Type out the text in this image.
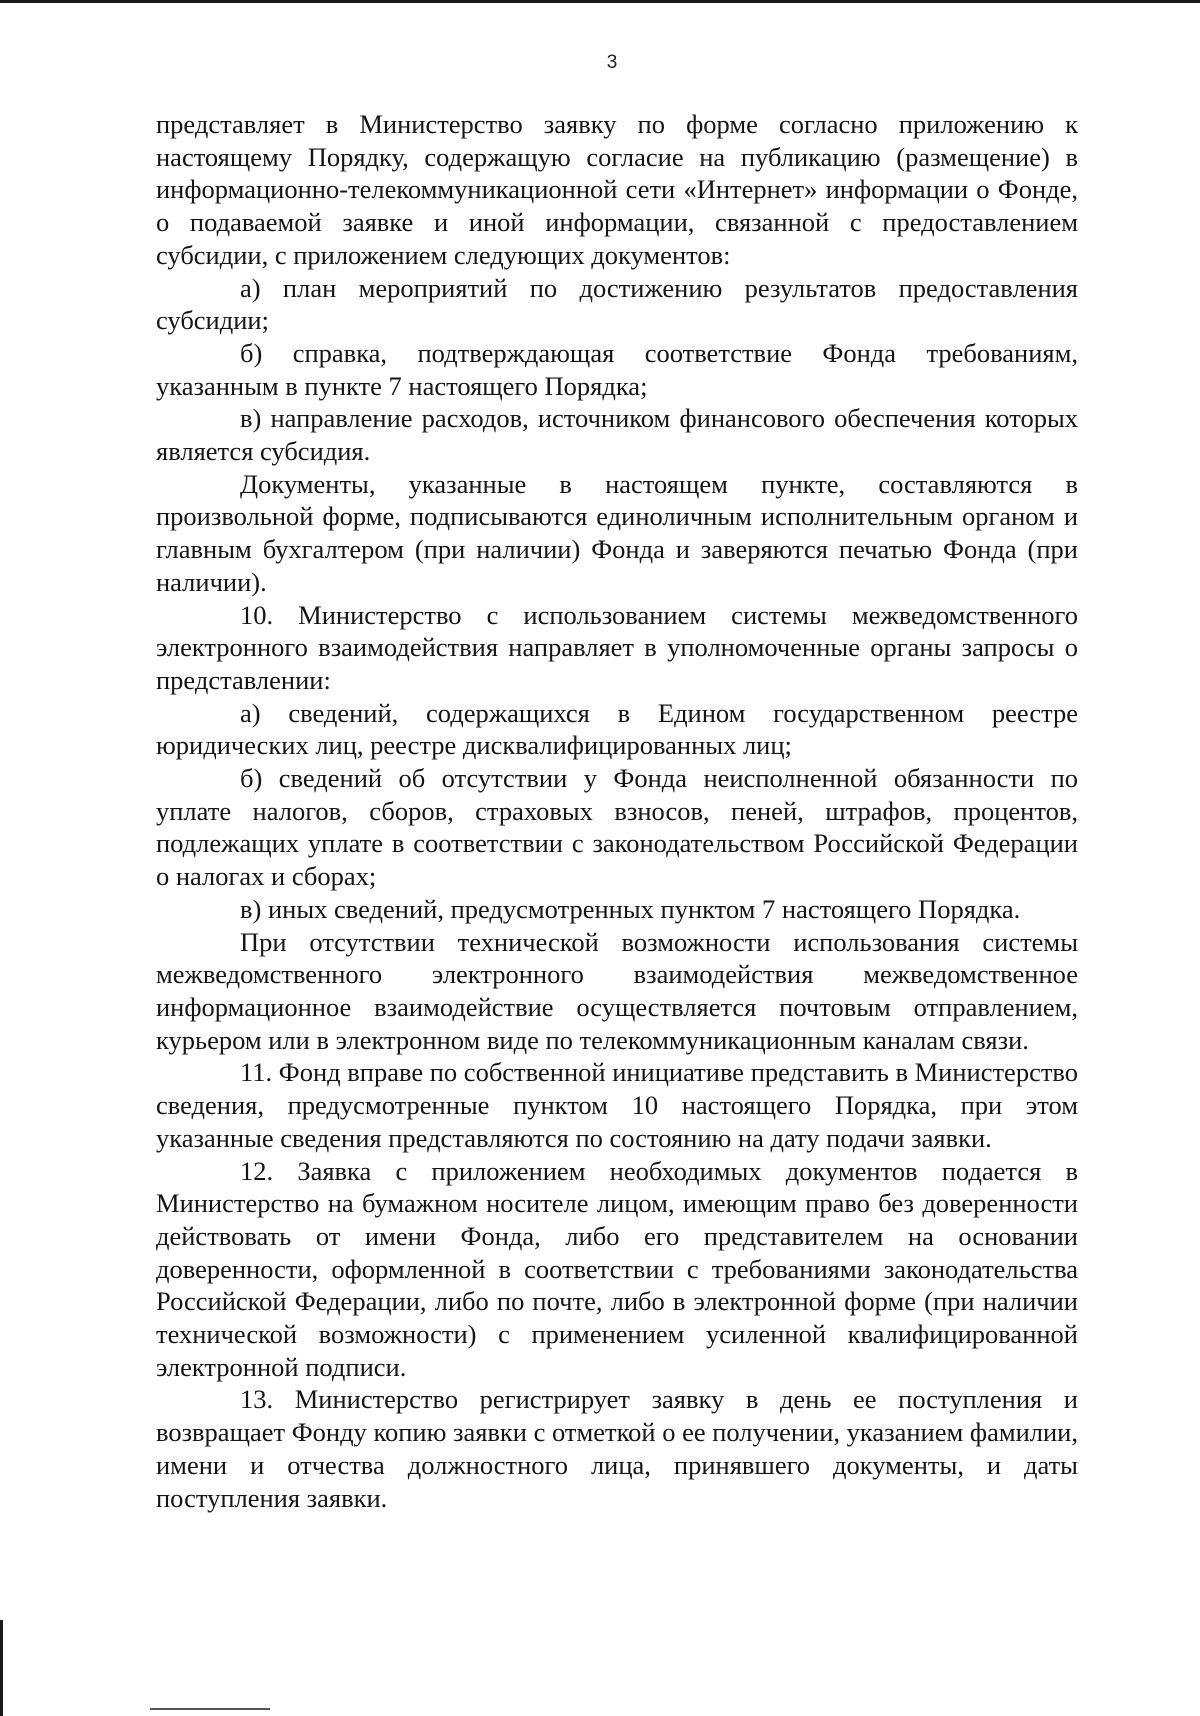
3

представляет в Министерство заявку по форме согласно приложению к настоящему Порядку, содержащую согласие на публикацию (размещение) в информационно-телекоммуникационной сети «Интернет» информации о Фонде, о подаваемой заявке и иной информации, связанной с предоставлением субсидии, с приложением следующих документов:

а) план мероприятий по достижению результатов предоставления субсидии;

б) справка, подтверждающая соответствие Фонда требованиям, указанным в пункте 7 настоящего Порядка;

в) направление расходов, источником финансового обеспечения которых является субсидия.

Документы, указанные в настоящем пункте, составляются в произвольной форме, подписываются единоличным исполнительным органом и главным бухгалтером (при наличии) Фонда и заверяются печатью Фонда (при наличии).

10. Министерство с использованием системы межведомственного электронного взаимодействия направляет в уполномоченные органы запросы о представлении:

а) сведений, содержащихся в Едином государственном реестре юридических лиц, реестре дисквалифицированных лиц;

б) сведений об отсутствии у Фонда неисполненной обязанности по уплате налогов, сборов, страховых взносов, пеней, штрафов, процентов, подлежащих уплате в соответствии с законодательством Российской Федерации о налогах и сборах;

в) иных сведений, предусмотренных пунктом 7 настоящего Порядка.

При отсутствии технической возможности использования системы межведомственного электронного взаимодействия межведомственное информационное взаимодействие осуществляется почтовым отправлением, курьером или в электронном виде по телекоммуникационным каналам связи.

11. Фонд вправе по собственной инициативе представить в Министерство сведения, предусмотренные пунктом 10 настоящего Порядка, при этом указанные сведения представляются по состоянию на дату подачи заявки.

12. Заявка с приложением необходимых документов подается в Министерство на бумажном носителе лицом, имеющим право без доверенности действовать от имени Фонда, либо его представителем на основании доверенности, оформленной в соответствии с требованиями законодательства Российской Федерации, либо по почте, либо в электронной форме (при наличии технической возможности) с применением усиленной квалифицированной электронной подписи.

13. Министерство регистрирует заявку в день ее поступления и возвращает Фонду копию заявки с отметкой о ее получении, указанием фамилии, имени и отчества должностного лица, принявшего документы, и даты поступления заявки.
